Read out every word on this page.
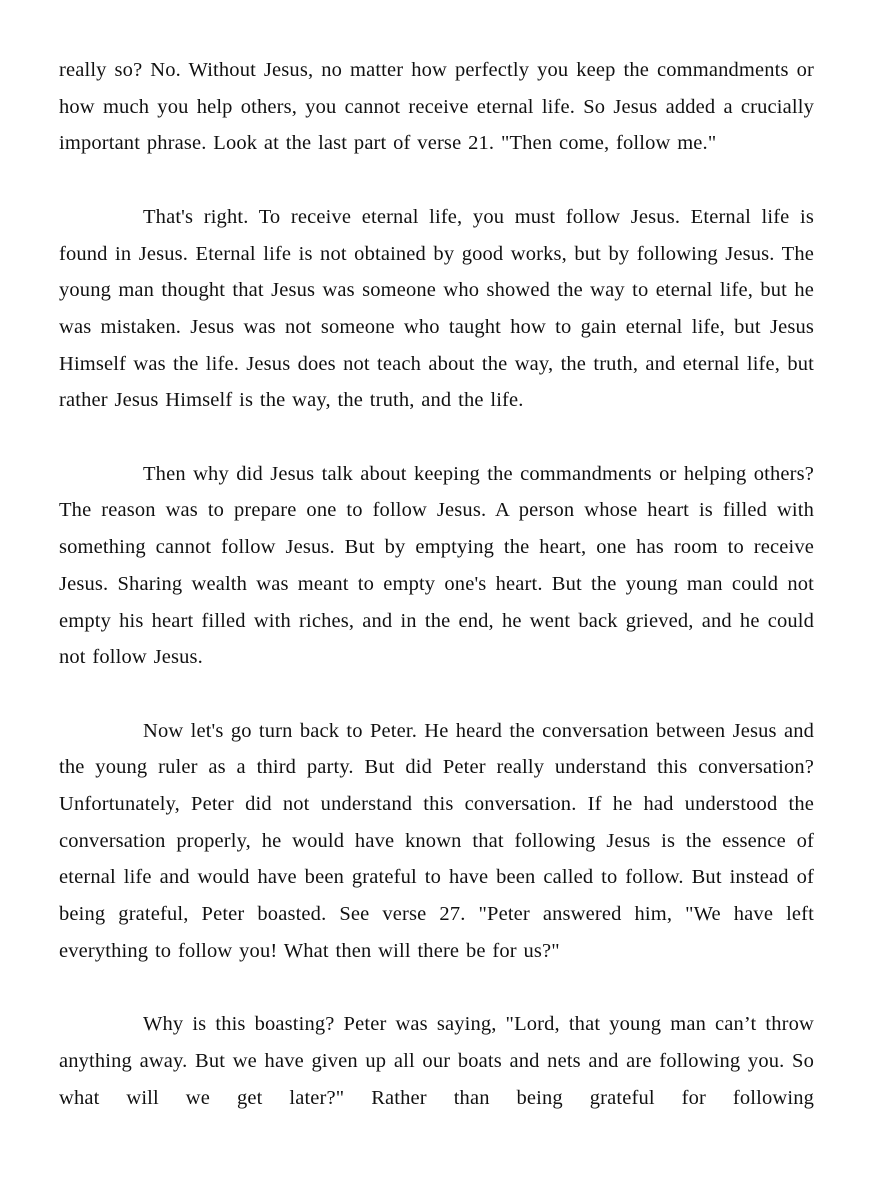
really so? No. Without Jesus, no matter how perfectly you keep the commandments or how much you help others, you cannot receive eternal life. So Jesus added a crucially important phrase. Look at the last part of verse 21. "Then come, follow me."

That's right. To receive eternal life, you must follow Jesus. Eternal life is found in Jesus. Eternal life is not obtained by good works, but by following Jesus. The young man thought that Jesus was someone who showed the way to eternal life, but he was mistaken. Jesus was not someone who taught how to gain eternal life, but Jesus Himself was the life. Jesus does not teach about the way, the truth, and eternal life, but rather Jesus Himself is the way, the truth, and the life.

Then why did Jesus talk about keeping the commandments or helping others? The reason was to prepare one to follow Jesus. A person whose heart is filled with something cannot follow Jesus. But by emptying the heart, one has room to receive Jesus. Sharing wealth was meant to empty one's heart. But the young man could not empty his heart filled with riches, and in the end, he went back grieved, and he could not follow Jesus.

Now let's go turn back to Peter. He heard the conversation between Jesus and the young ruler as a third party. But did Peter really understand this conversation? Unfortunately, Peter did not understand this conversation. If he had understood the conversation properly, he would have known that following Jesus is the essence of eternal life and would have been grateful to have been called to follow. But instead of being grateful, Peter boasted. See verse 27. "Peter answered him, "We have left everything to follow you! What then will there be for us?"

Why is this boasting? Peter was saying, "Lord, that young man can’t throw anything away. But we have given up all our boats and nets and are following you. So what will we get later?" Rather than being grateful for following
